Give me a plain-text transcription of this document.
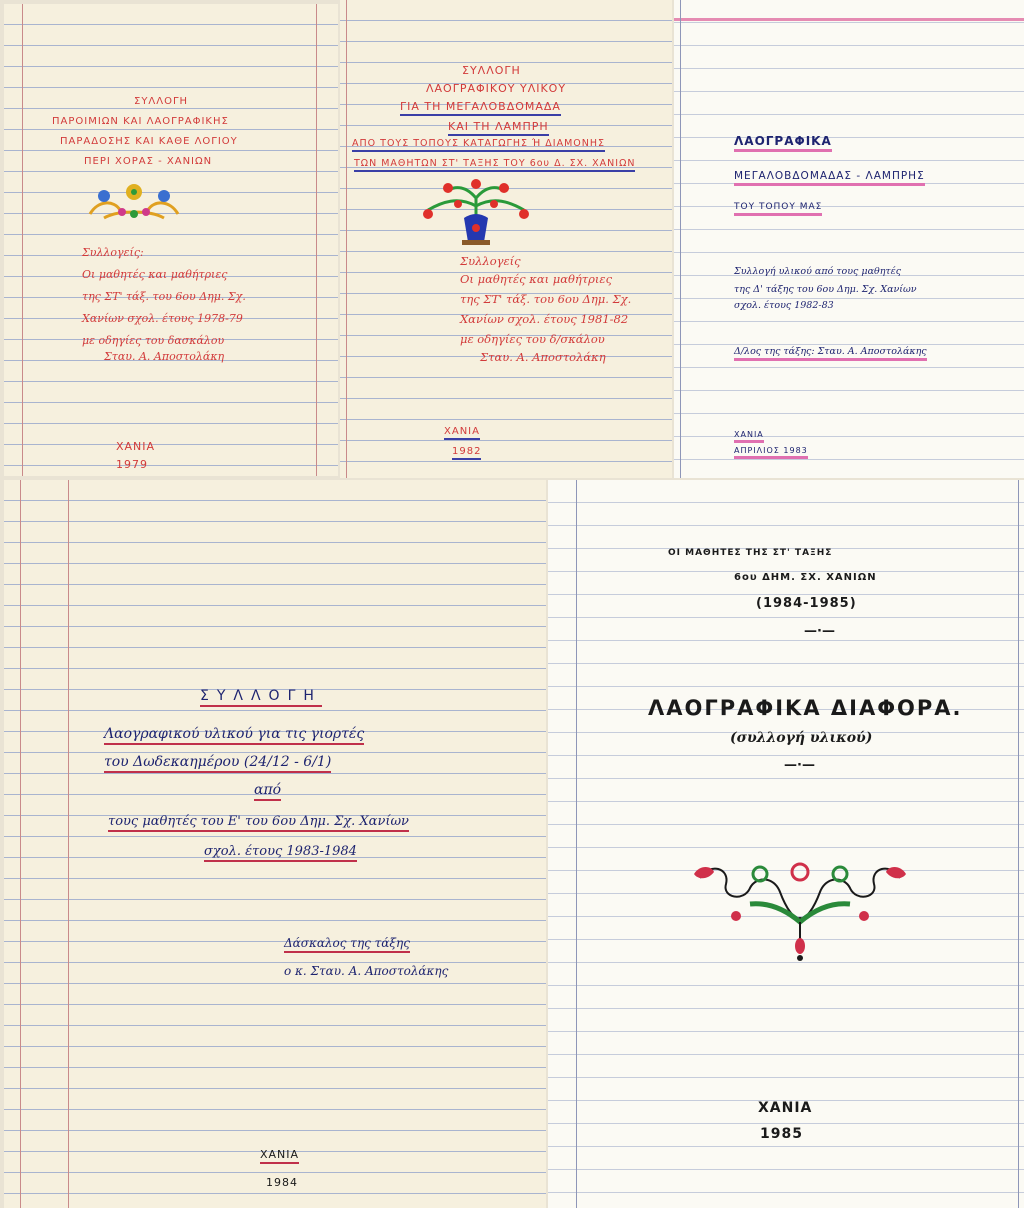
ΣΥΛΛΟΓΗ
ΠΑΡΟΙΜΙΩΝ ΚΑΙ ΛΑΟΓΡΑΦΙΚΗΣ
ΠΑΡΑΔΟΣΗΣ ΚΑΙ ΚΑΘΕ ΛΟΓΙΟΥ
ΠΕΡΙ ΧΟΡΑΣ - ΧΑΝΙΩΝ
Συλλογείς:
Οι μαθητές και μαθήτριες
της ΣΤ' τάξ. του 6ου Δημ. Σχ.
Χανίων σχολ. έτους 1978-79
με οδηγίες του δασκάλου
Σταυ. Α. Αποστολάκη
ΧΑΝΙΑ
1979
ΣΥΛΛΟΓΗ
ΛΑΟΓΡΑΦΙΚΟΥ ΥΛΙΚΟΥ
ΓΙΑ ΤΗ ΜΕΓΑΛΟΒΔΟΜΑΔΑ
ΚΑΙ ΤΗ ΛΑΜΠΡΗ
ΑΠΟ ΤΟΥΣ ΤΟΠΟΥΣ ΚΑΤΑΓΩΓΗΣ Ή ΔΙΑΜΟΝΗΣ
ΤΩΝ ΜΑΘΗΤΩΝ ΣΤ' ΤΑΞΗΣ ΤΟΥ 6ου Δ. ΣΧ. ΧΑΝΙΩΝ
Συλλογείς
Οι μαθητές και μαθήτριες
της ΣΤ' τάξ. του 6ου Δημ. Σχ.
Χανίων σχολ. έτους 1981-82
με οδηγίες του δ/σκάλου
Σταυ. Α. Αποστολάκη
ΧΑΝΙΑ
1982
ΛΑΟΓΡΑΦΙΚΑ
ΜΕΓΑΛΟΒΔΟΜΑΔΑΣ - ΛΑΜΠΡΗΣ
ΤΟΥ ΤΟΠΟΥ ΜΑΣ
Συλλογή υλικού από τους μαθητές
της Δ' τάξης του 6ου Δημ. Σχ. Χανίων
σχολ. έτους 1982-83
Δ/λος της τάξης: Σταυ. Α. Αποστολάκης
ΧΑΝΙΑ
ΑΠΡΙΛΙΟΣ 1983
ΣΥΛΛΟΓΗ
Λαογραφικού υλικού για τις γιορτές
του Δωδεκαημέρου (24/12 - 6/1)
από
τους μαθητές του Ε' του 6ου Δημ. Σχ. Χανίων
σχολ. έτους 1983-1984
Δάσκαλος της τάξης
ο κ. Σταυ. Α. Αποστολάκης
ΧΑΝΙΑ
1984
ΟΙ ΜΑΘΗΤΕΣ ΤΗΣ ΣΤ' ΤΑΞΗΣ
6ου ΔΗΜ. ΣΧ. ΧΑΝΙΩΝ
(1984-1985)
—·—
ΛΑΟΓΡΑΦΙΚΑ ΔΙΑΦΟΡΑ.
(συλλογή υλικού)
—·—
ΧΑΝΙΑ
1985
